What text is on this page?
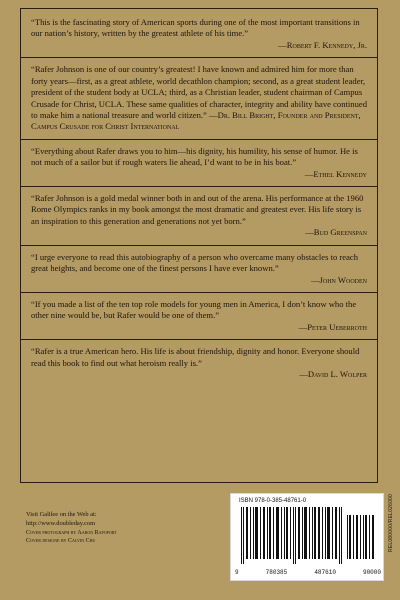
“This is the fascinating story of American sports during one of the most important transitions in our nation’s history, written by the greatest athlete of his time.”
—Robert F. Kennedy, Jr.

“Rafer Johnson is one of our country’s greatest! I have known and admired him for more than forty years—first, as a great athlete, world decathlon champion; second, as a great student leader, president of the student body at UCLA; third, as a Christian leader, student chairman of Campus Crusade for Christ, UCLA. These same qualities of character, integrity and ability have continued to make him a national treasure and world citizen.” —Dr. Bill Bright, Founder and President, Campus Crusade for Christ International

“Everything about Rafer draws you to him—his dignity, his humility, his sense of humor. He is not much of a sailor but if rough waters lie ahead, I’d want to be in his boat.”
—Ethel Kennedy

“Rafer Johnson is a gold medal winner both in and out of the arena. His performance at the 1960 Rome Olympics ranks in my book amongst the most dramatic and greatest ever. His life story is an inspiration to this generation and generations not yet born.”
—Bud Greenspan

“I urge everyone to read this autobiography of a person who overcame many obstacles to reach great heights, and become one of the finest persons I have ever known.”
—John Wooden

“If you made a list of the ten top role models for young men in America, I don’t know who the other nine would be, but Rafer would be one of them.”
—Peter Ueberroth

“Rafer is a true American hero. His life is about friendship, dignity and honor. Everyone should read this book to find out what heroism really is.”
—David L. Wolper

Visit Galilee on the Web at:
http://www.doubleday.com
Cover photograph by Aaron Rapoport
Cover designe by Calvin Chu
ISBN 978-0-385-48761-0
9	780385	487610	90000
REL080000/REL026000
